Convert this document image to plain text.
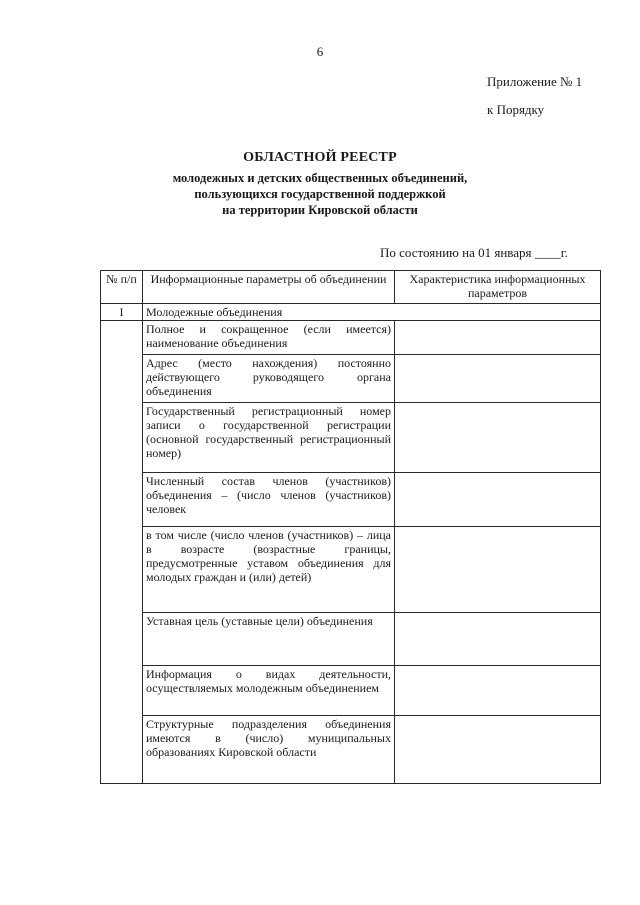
6
Приложение № 1
к Порядку
ОБЛАСТНОЙ РЕЕСТР
молодежных и детских общественных объединений,
пользующихся государственной поддержкой
на территории Кировской области
По состоянию на 01 января ____г.
№ п/п	Информационные параметры об объединении	Характеристика информационных параметров
I	Молодежные объединения	
	Полное и сокращенное (если имеется) наименование объединения	
	Адрес (место нахождения) постоянно действующего руководящего органа объединения	
	Государственный регистрационный номер записи о государственной регистрации (основной государственный регистрационный номер)	
	Численный состав членов (участников) объединения – (число членов (участников) человек	
	в том числе (число членов (участников) – лица в возрасте (возрастные границы, предусмотренные уставом объединения для молодых граждан и (или) детей)	
	Уставная цель (уставные цели) объединения	
	Информация о видах деятельности, осуществляемых молодежным объединением	
	Структурные подразделения объединения имеются в (число) муниципальных образованиях Кировской области	
